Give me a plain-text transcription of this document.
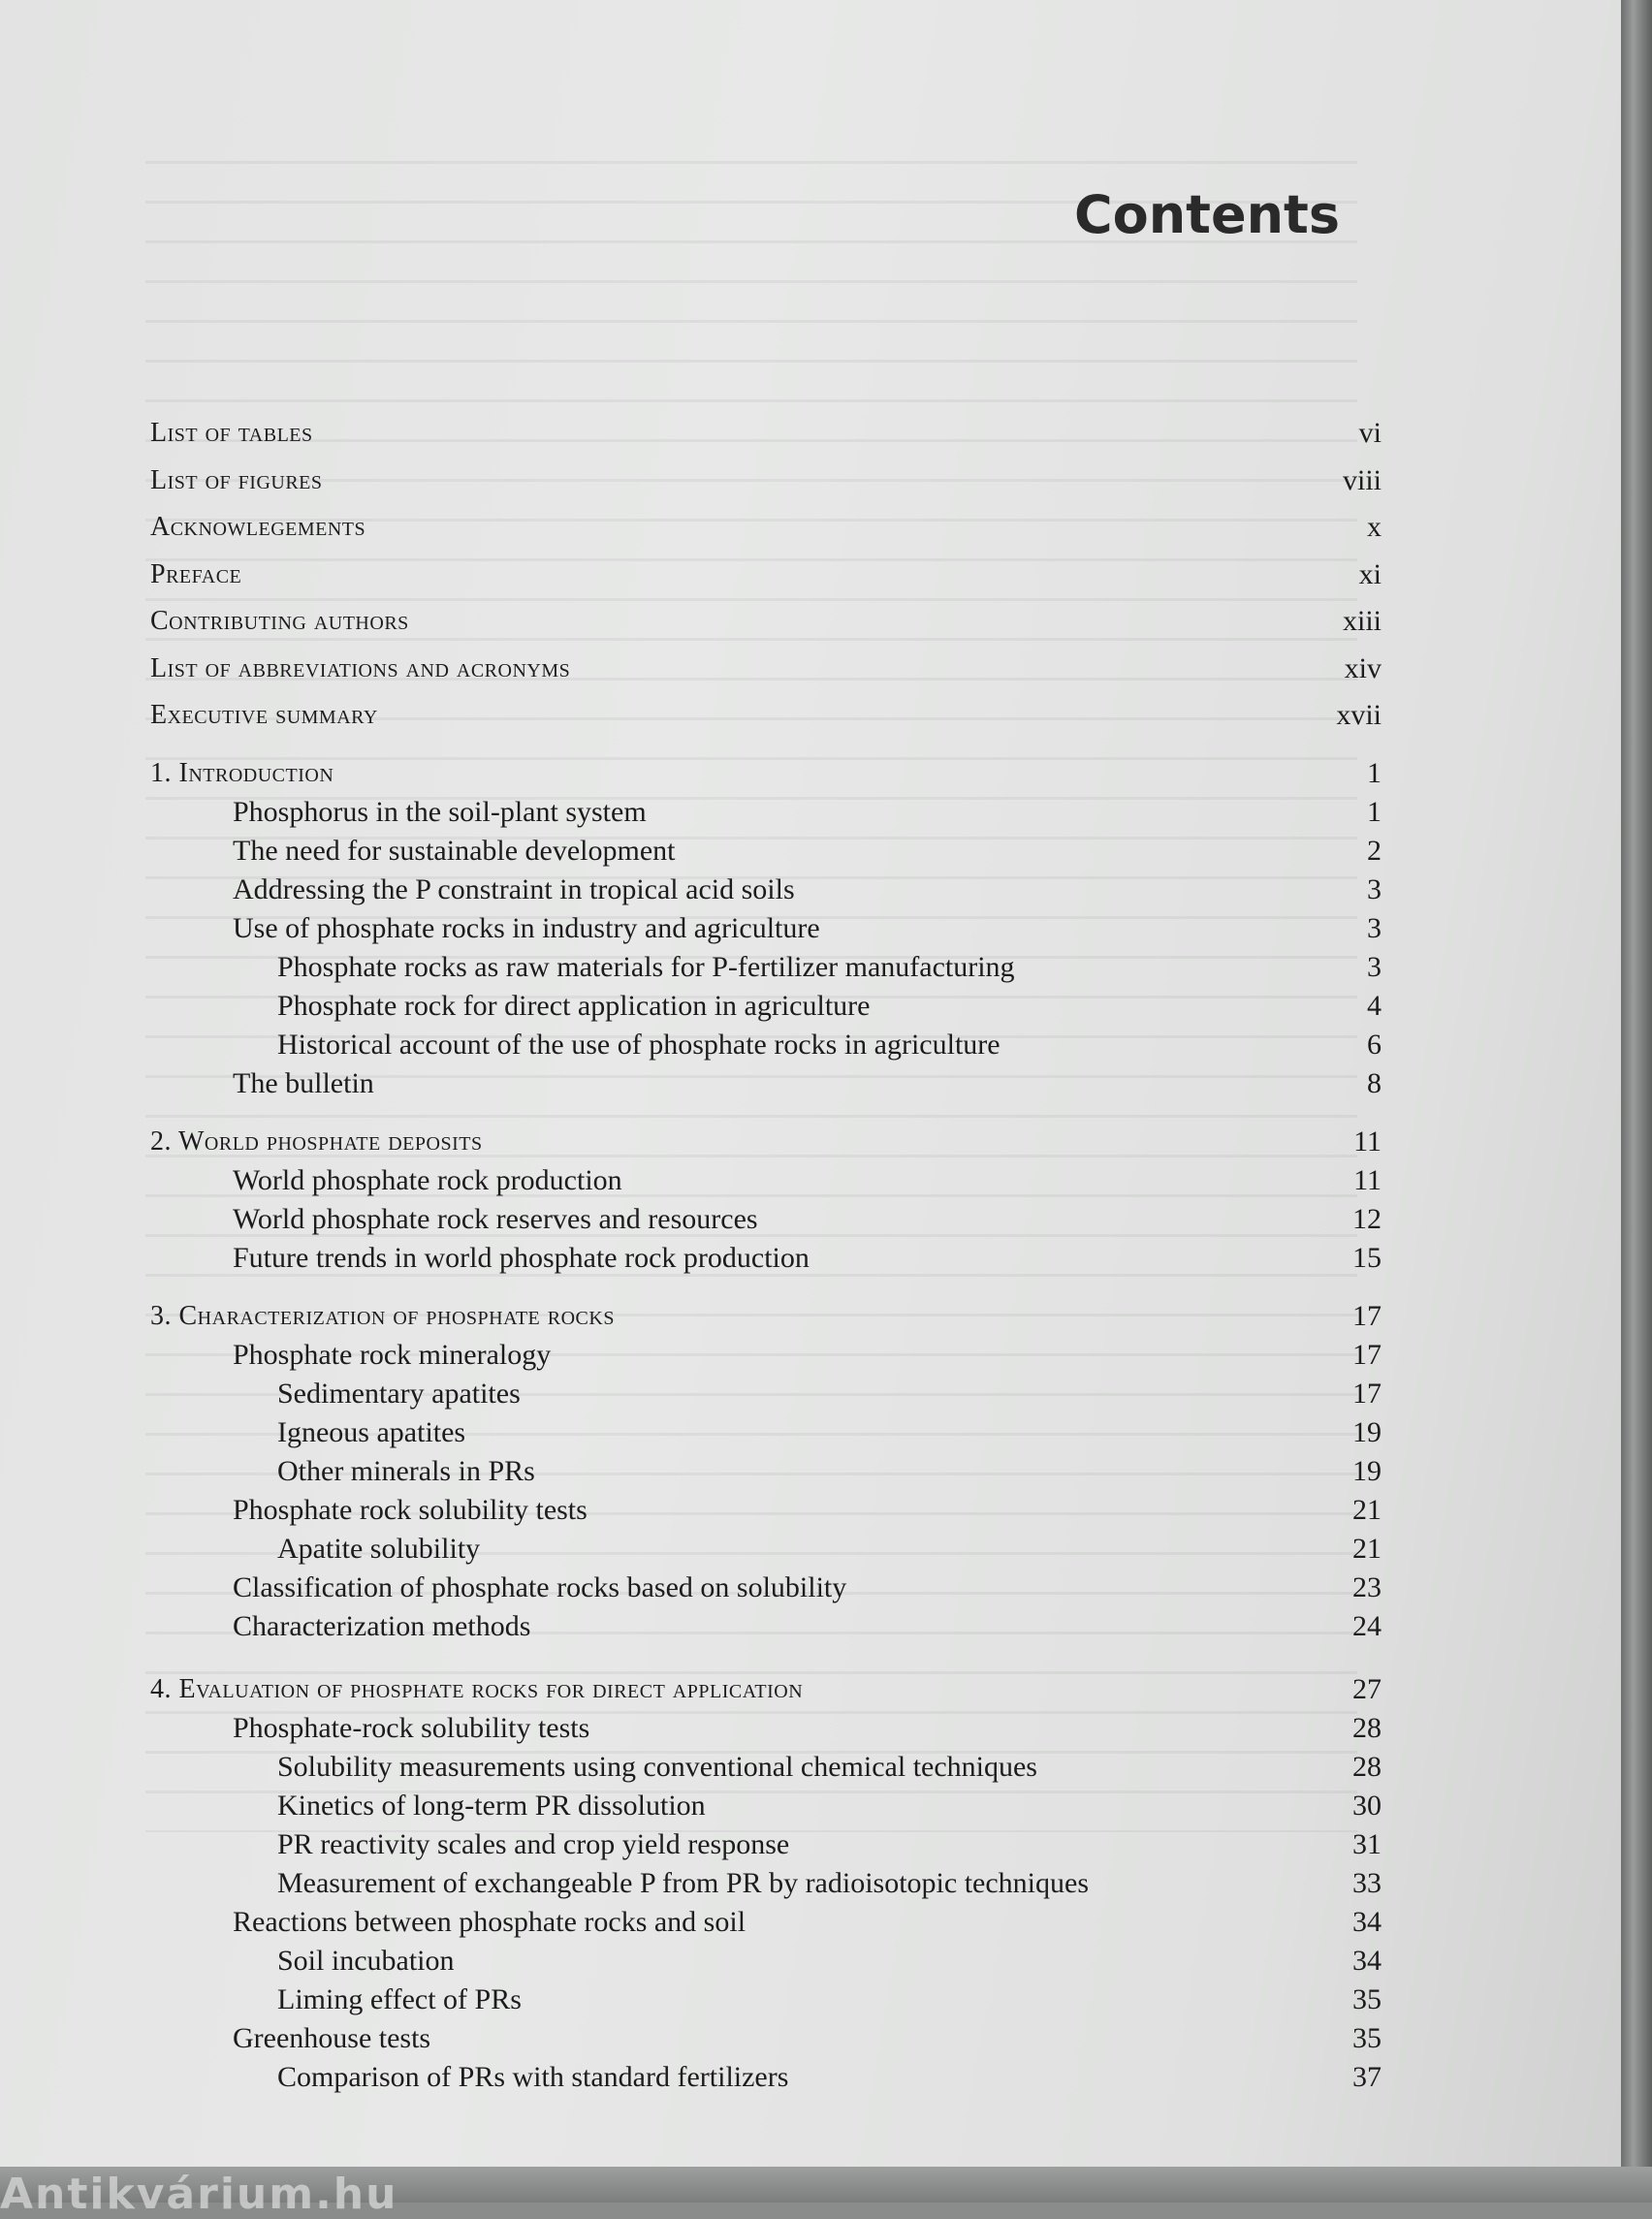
Contents
List of tables	vi
List of figures	viii
Acknowlegements	x
Preface	xi
Contributing authors	xiii
List of abbreviations and acronyms	xiv
Executive summary	xvii
1. Introduction	1
Phosphorus in the soil-plant system	1
The need for sustainable development	2
Addressing the P constraint in tropical acid soils	3
Use of phosphate rocks in industry and agriculture	3
Phosphate rocks as raw materials for P-fertilizer manufacturing	3
Phosphate rock for direct application in agriculture	4
Historical account of the use of phosphate rocks in agriculture	6
The bulletin	8
2. World phosphate deposits	11
World phosphate rock production	11
World phosphate rock reserves and resources	12
Future trends in world phosphate rock production	15
3. Characterization of phosphate rocks	17
Phosphate rock mineralogy	17
Sedimentary apatites	17
Igneous apatites	19
Other minerals in PRs	19
Phosphate rock solubility tests	21
Apatite solubility	21
Classification of phosphate rocks based on solubility	23
Characterization methods	24
4. Evaluation of phosphate rocks for direct application	27
Phosphate-rock solubility tests	28
Solubility measurements using conventional chemical techniques	28
Kinetics of long-term PR dissolution	30
PR reactivity scales and crop yield response	31
Measurement of exchangeable P from PR by radioisotopic techniques	33
Reactions between phosphate rocks and soil	34
Soil incubation	34
Liming effect of PRs	35
Greenhouse tests	35
Comparison of PRs with standard fertilizers	37
Antikvárium.hu
